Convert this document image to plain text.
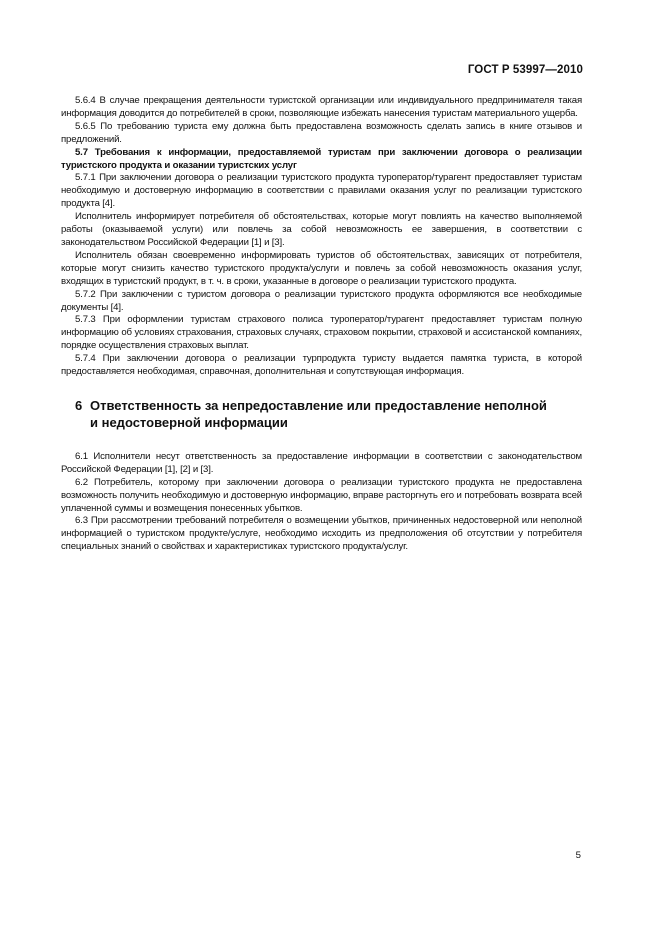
ГОСТ Р 53997—2010

5.6.4 В случае прекращения деятельности туристской организации или индивидуального предпринимателя такая информация доводится до потребителей в сроки, позволяющие избежать нанесения туристам материального ущерба.

5.6.5 По требованию туриста ему должна быть предоставлена возможность сделать запись в книге отзывов и предложений.

5.7 Требования к информации, предоставляемой туристам при заключении договора о реализации туристского продукта и оказании туристских услуг

5.7.1 При заключении договора о реализации туристского продукта туроператор/турагент предоставляет туристам необходимую и достоверную информацию в соответствии с правилами оказания услуг по реализации туристского продукта [4].

Исполнитель информирует потребителя об обстоятельствах, которые могут повлиять на качество выполняемой работы (оказываемой услуги) или повлечь за собой невозможность ее завершения, в соответствии с законодательством Российской Федерации [1] и [3].

Исполнитель обязан своевременно информировать туристов об обстоятельствах, зависящих от потребителя, которые могут снизить качество туристского продукта/услуги и повлечь за собой невозможность оказания услуг, входящих в туристский продукт, в т. ч. в сроки, указанные в договоре о реализации туристского продукта.

5.7.2 При заключении с туристом договора о реализации туристского продукта оформляются все необходимые документы [4].

5.7.3 При оформлении туристам страхового полиса туроператор/турагент предоставляет туристам полную информацию об условиях страхования, страховых случаях, страховом покрытии, страховой и ассистанской компаниях, порядке осуществления страховых выплат.

5.7.4 При заключении договора о реализации турпродукта туристу выдается памятка туриста, в которой предоставляется необходимая, справочная, дополнительная и сопутствующая информация.

6 Ответственность за непредоставление или предоставление неполной
и недостоверной информации

6.1 Исполнители несут ответственность за предоставление информации в соответствии с законодательством Российской Федерации [1], [2] и [3].

6.2 Потребитель, которому при заключении договора о реализации туристского продукта не предоставлена возможность получить необходимую и достоверную информацию, вправе расторгнуть его и потребовать возврата всей уплаченной суммы и возмещения понесенных убытков.

6.3 При рассмотрении требований потребителя о возмещении убытков, причиненных недостоверной или неполной информацией о туристском продукте/услуге, необходимо исходить из предположения об отсутствии у потребителя специальных знаний о свойствах и характеристиках туристского продукта/услуг.

5
